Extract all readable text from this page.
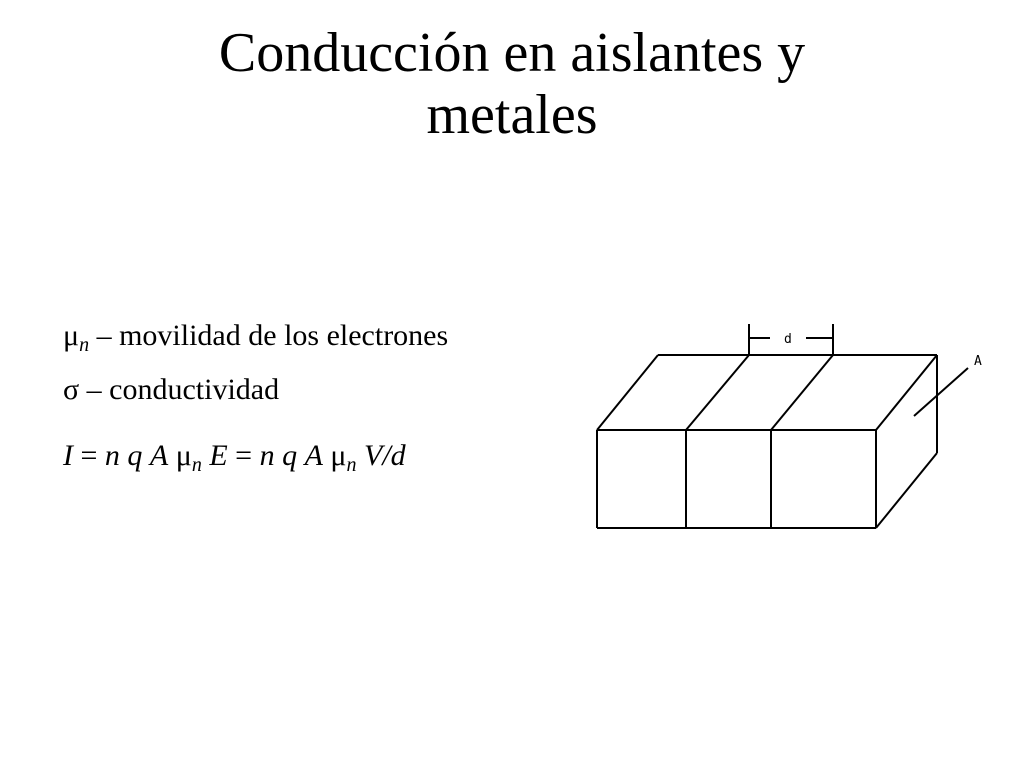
Conducción en aislantes y
metales

$\mu_n$ – movilidad de los electrones

σ – conductividad

I = n q A $\mu_n$ E = n q A $\mu_n$ V/d

d
A
